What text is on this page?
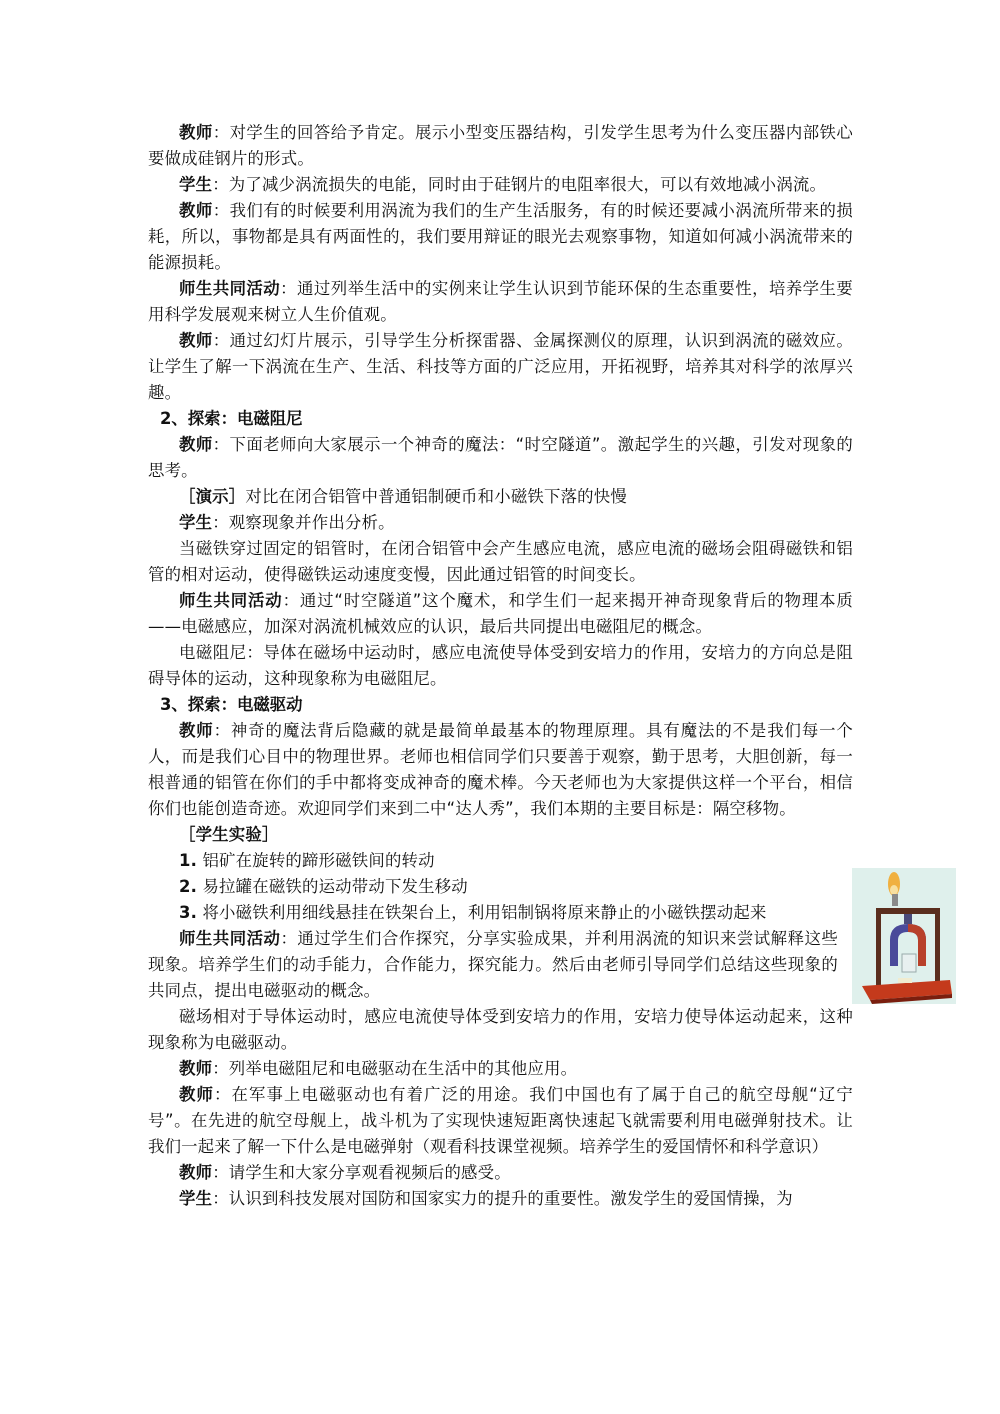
教师：对学生的回答给予肯定。展示小型变压器结构，引发学生思考为什么变压器内部铁心要做成硅钢片的形式。

学生：为了减少涡流损失的电能，同时由于硅钢片的电阻率很大，可以有效地减小涡流。

教师：我们有的时候要利用涡流为我们的生产生活服务，有的时候还要减小涡流所带来的损耗，所以，事物都是具有两面性的，我们要用辩证的眼光去观察事物，知道如何减小涡流带来的能源损耗。

师生共同活动：通过列举生活中的实例来让学生认识到节能环保的生态重要性，培养学生要用科学发展观来树立人生价值观。

教师：通过幻灯片展示，引导学生分析探雷器、金属探测仪的原理，认识到涡流的磁效应。让学生了解一下涡流在生产、生活、科技等方面的广泛应用，开拓视野，培养其对科学的浓厚兴趣。

2、探索：电磁阻尼

教师：下面老师向大家展示一个神奇的魔法：“时空隧道”。激起学生的兴趣，引发对现象的思考。

［演示］对比在闭合铝管中普通铝制硬币和小磁铁下落的快慢

学生：观察现象并作出分析。

当磁铁穿过固定的铝管时，在闭合铝管中会产生感应电流，感应电流的磁场会阻碍磁铁和铝管的相对运动，使得磁铁运动速度变慢，因此通过铝管的时间变长。

师生共同活动：通过“时空隧道”这个魔术，和学生们一起来揭开神奇现象背后的物理本质——电磁感应，加深对涡流机械效应的认识，最后共同提出电磁阻尼的概念。

电磁阻尼：导体在磁场中运动时，感应电流使导体受到安培力的作用，安培力的方向总是阻碍导体的运动，这种现象称为电磁阻尼。

3、探索：电磁驱动

教师：神奇的魔法背后隐藏的就是最简单最基本的物理原理。具有魔法的不是我们每一个人，而是我们心目中的物理世界。老师也相信同学们只要善于观察，勤于思考，大胆创新，每一根普通的铝管在你们的手中都将变成神奇的魔术棒。今天老师也为大家提供这样一个平台，相信你们也能创造奇迹。欢迎同学们来到二中“达人秀”，我们本期的主要目标是：隔空移物。

［学生实验］

1. 铝矿在旋转的蹄形磁铁间的转动

2. 易拉罐在磁铁的运动带动下发生移动

3. 将小磁铁利用细线悬挂在铁架台上，利用铝制锅将原来静止的小磁铁摆动起来

师生共同活动：通过学生们合作探究，分享实验成果，并利用涡流的知识来尝试解释这些现象。培养学生们的动手能力，合作能力，探究能力。然后由老师引导同学们总结这些现象的共同点，提出电磁驱动的概念。

磁场相对于导体运动时，感应电流使导体受到安培力的作用，安培力使导体运动起来，这种现象称为电磁驱动。

教师：列举电磁阻尼和电磁驱动在生活中的其他应用。

教师：在军事上电磁驱动也有着广泛的用途。我们中国也有了属于自己的航空母舰“辽宁号”。在先进的航空母舰上，战斗机为了实现快速短距离快速起飞就需要利用电磁弹射技术。让我们一起来了解一下什么是电磁弹射（观看科技课堂视频。培养学生的爱国情怀和科学意识）

教师：请学生和大家分享观看视频后的感受。

学生：认识到科技发展对国防和国家实力的提升的重要性。激发学生的爱国情操，为
